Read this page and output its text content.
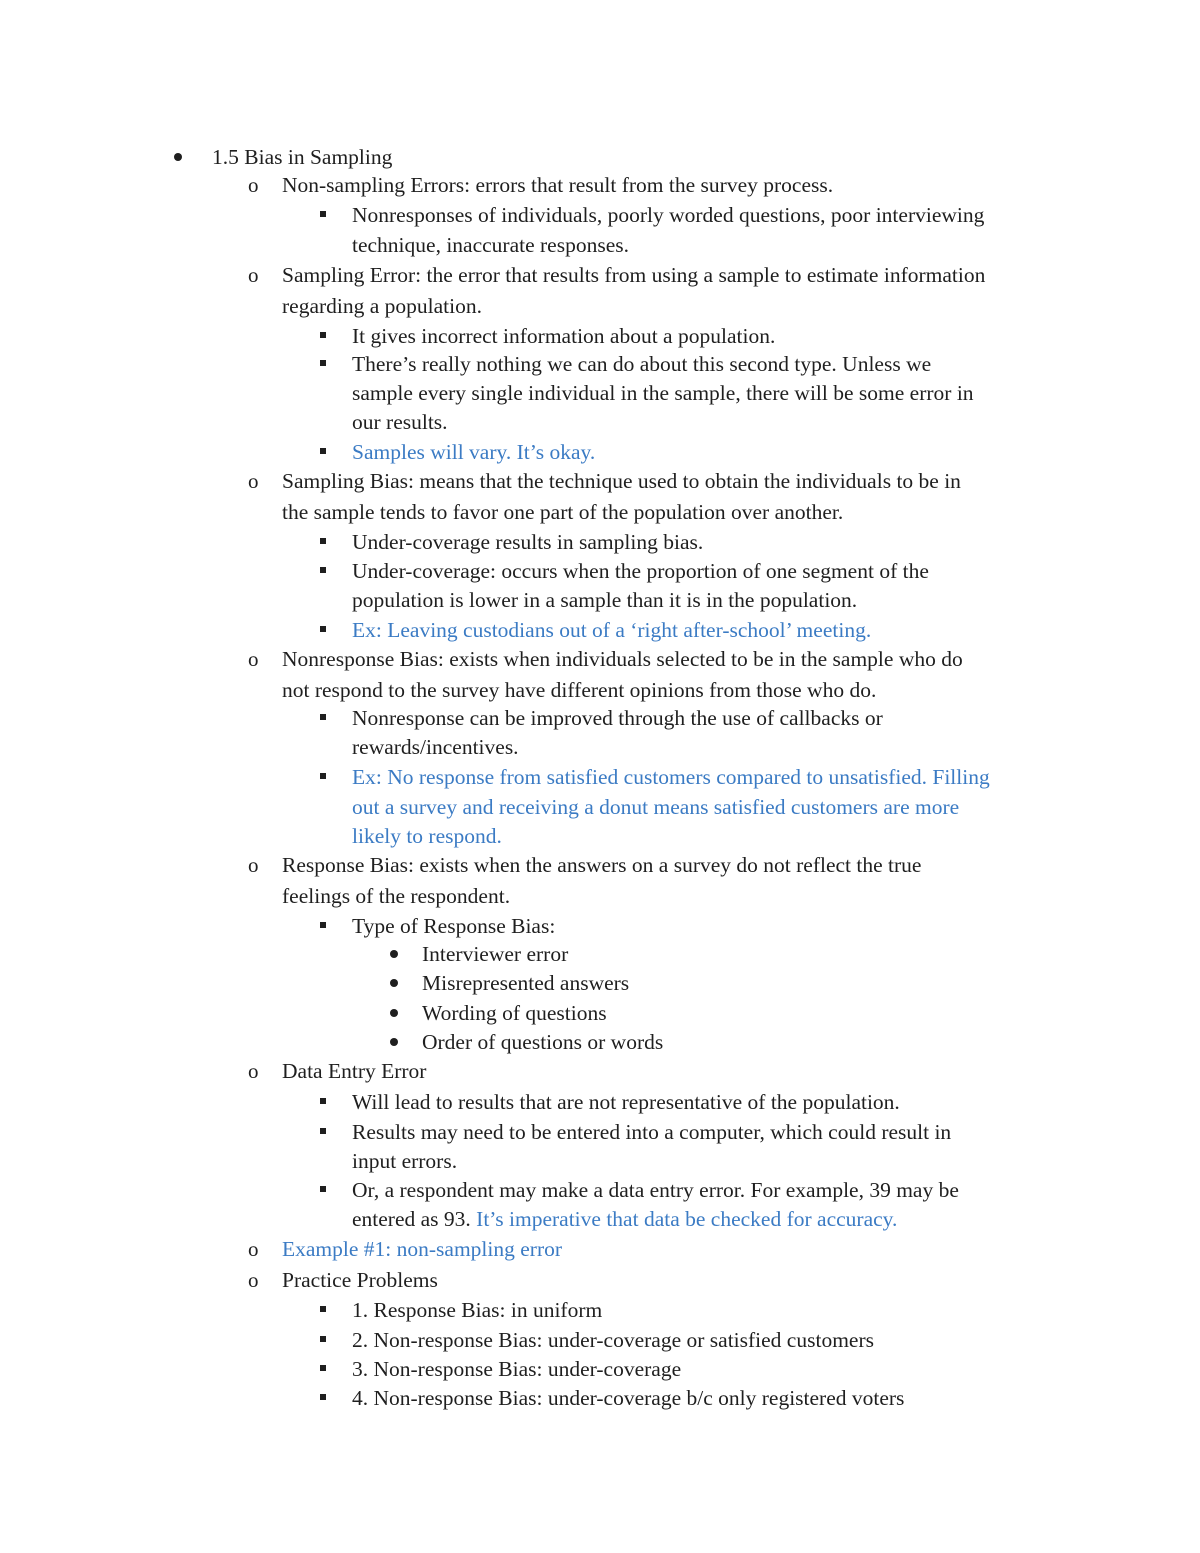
1.5 Bias in Sampling
o Non-sampling Errors: errors that result from the survey process.
Nonresponses of individuals, poorly worded questions, poor interviewing
technique, inaccurate responses.
o Sampling Error: the error that results from using a sample to estimate information
regarding a population.
It gives incorrect information about a population.
There’s really nothing we can do about this second type. Unless we
sample every single individual in the sample, there will be some error in
our results.
Samples will vary. It’s okay.
o Sampling Bias: means that the technique used to obtain the individuals to be in
the sample tends to favor one part of the population over another.
Under-coverage results in sampling bias.
Under-coverage: occurs when the proportion of one segment of the
population is lower in a sample than it is in the population.
Ex: Leaving custodians out of a ‘right after-school’ meeting.
o Nonresponse Bias: exists when individuals selected to be in the sample who do
not respond to the survey have different opinions from those who do.
Nonresponse can be improved through the use of callbacks or
rewards/incentives.
Ex: No response from satisfied customers compared to unsatisfied. Filling
out a survey and receiving a donut means satisfied customers are more
likely to respond.
o Response Bias: exists when the answers on a survey do not reflect the true
feelings of the respondent.
Type of Response Bias:
Interviewer error
Misrepresented answers
Wording of questions
Order of questions or words
o Data Entry Error
Will lead to results that are not representative of the population.
Results may need to be entered into a computer, which could result in
input errors.
Or, a respondent may make a data entry error. For example, 39 may be
entered as 93. It’s imperative that data be checked for accuracy.
o Example #1: non-sampling error
o Practice Problems
1. Response Bias: in uniform
2. Non-response Bias: under-coverage or satisfied customers
3. Non-response Bias: under-coverage
4. Non-response Bias: under-coverage b/c only registered voters
